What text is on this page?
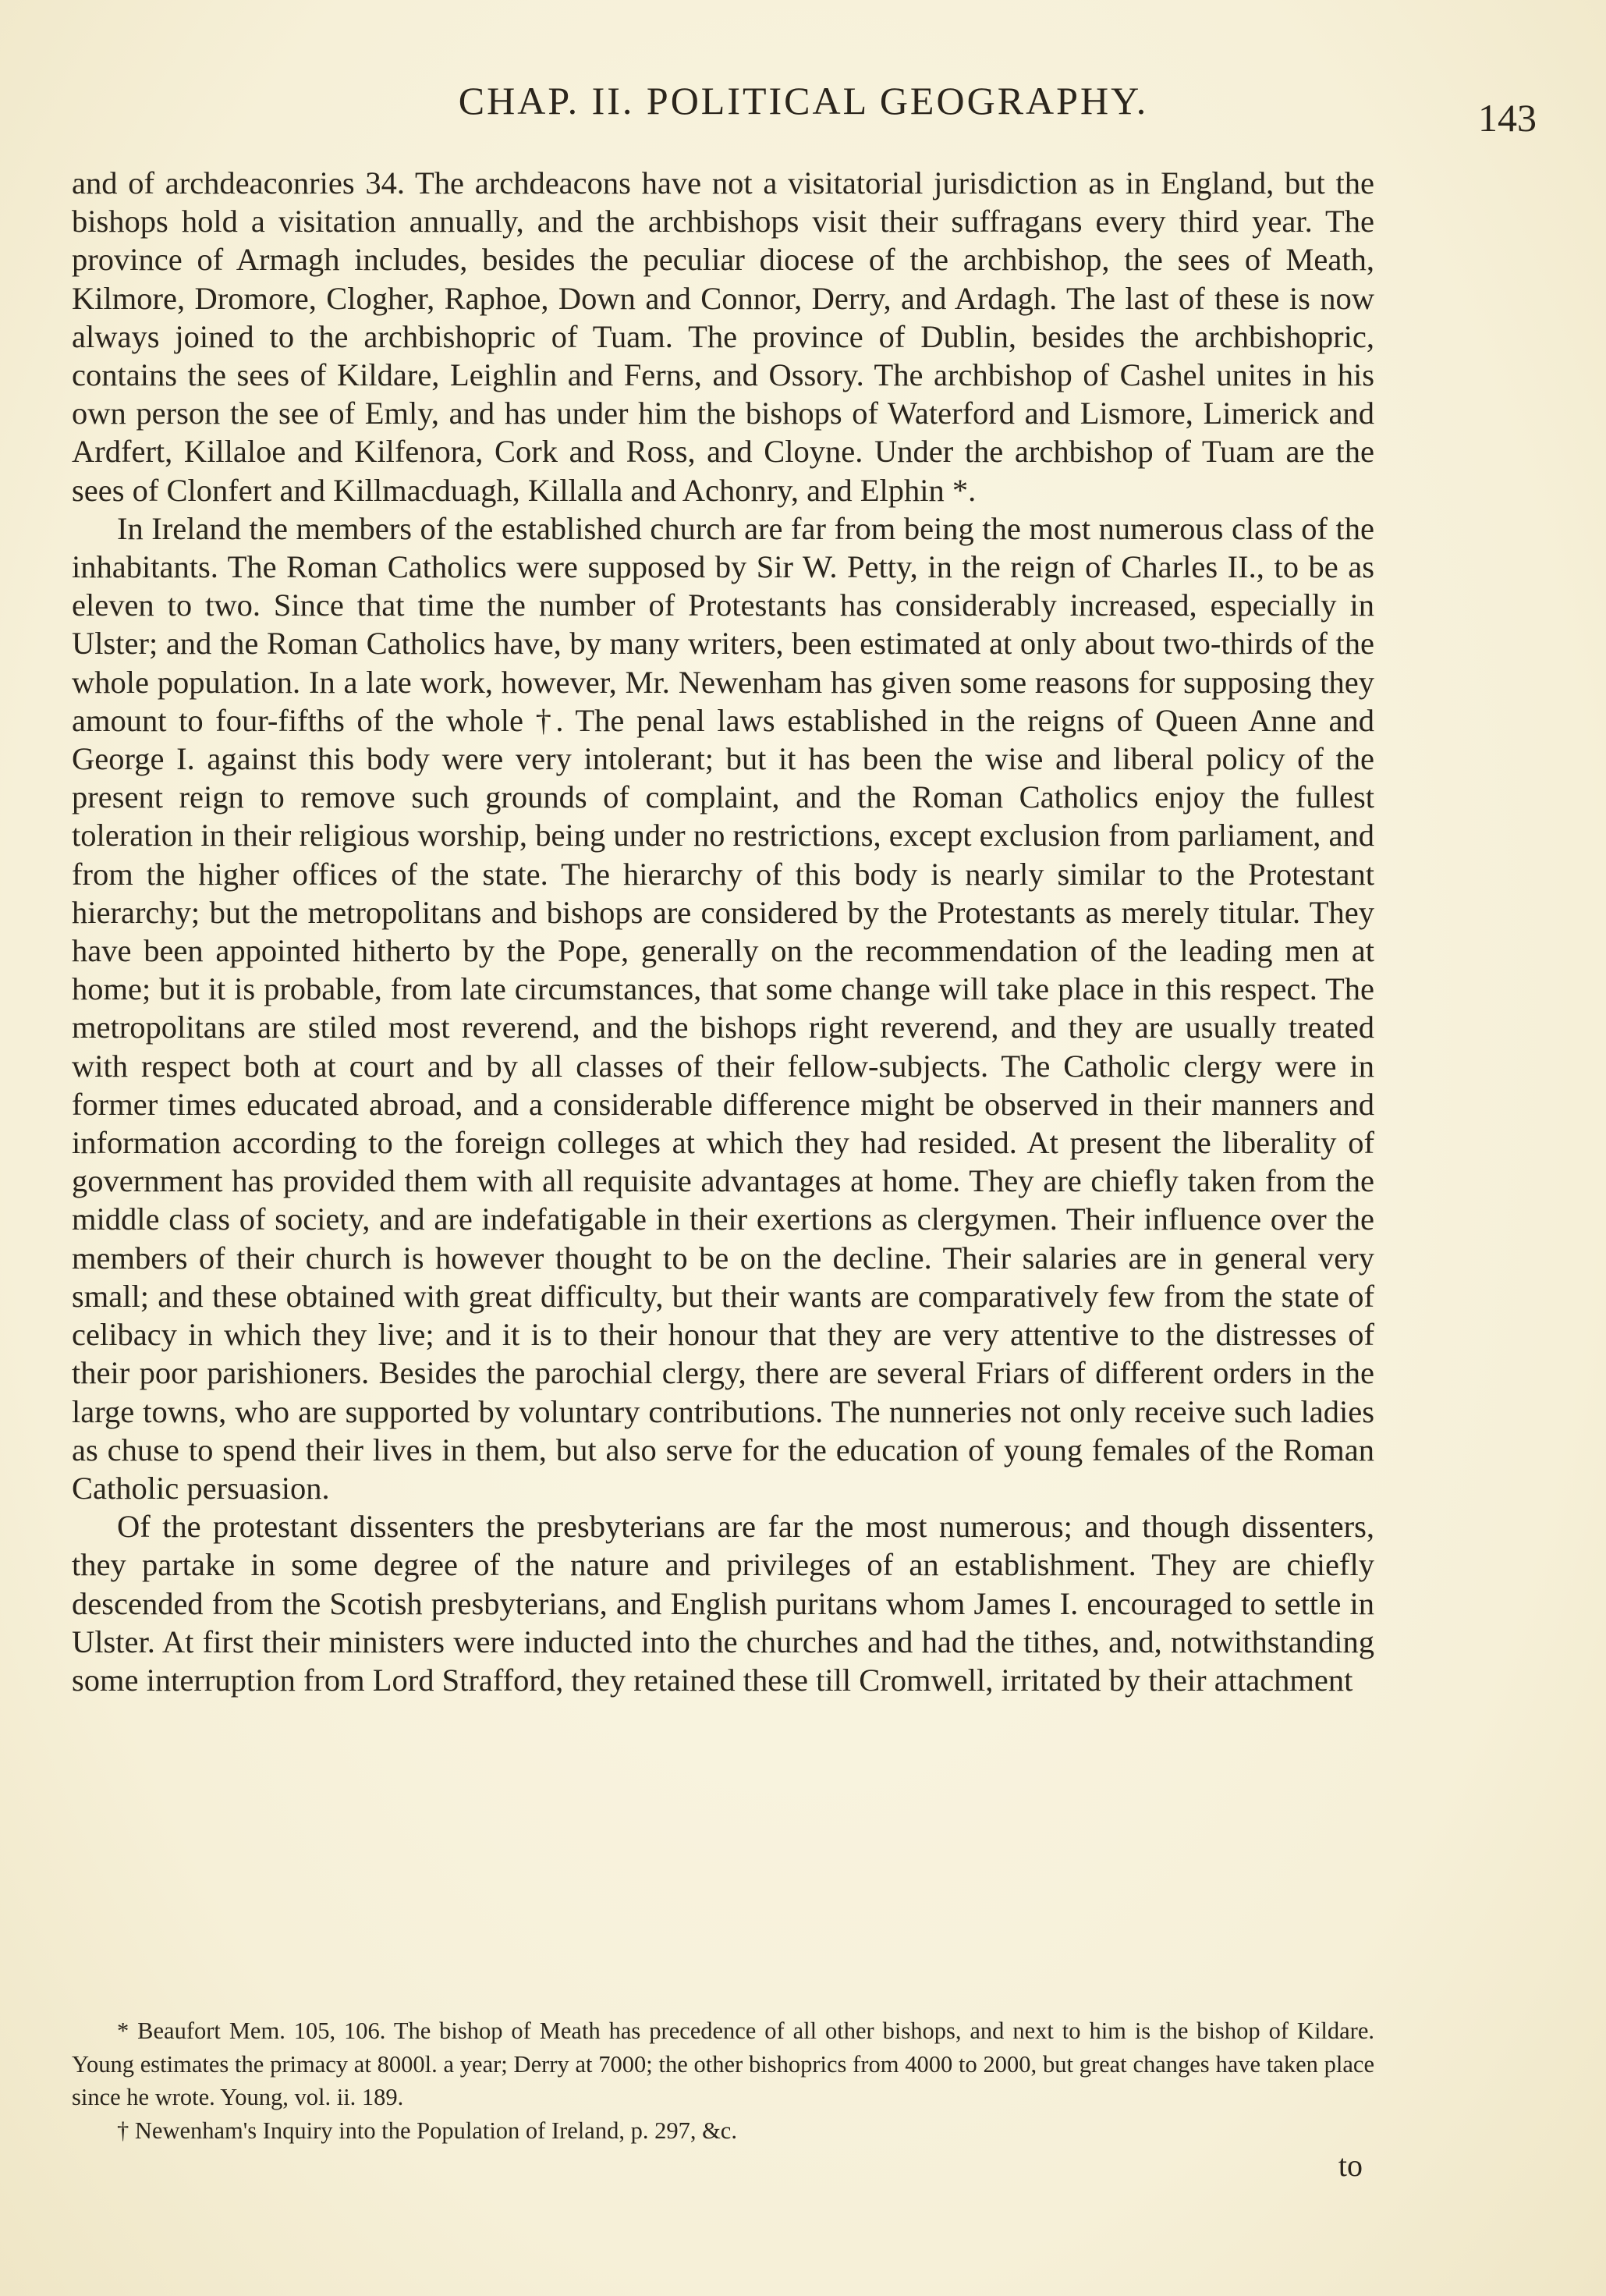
CHAP. II. POLITICAL GEOGRAPHY.	143

and of archdeaconries 34. The archdeacons have not a visitatorial jurisdiction as in England, but the bishops hold a visitation annually, and the archbishops visit their suffragans every third year. The province of Armagh includes, besides the peculiar diocese of the archbishop, the sees of Meath, Kilmore, Dromore, Clogher, Raphoe, Down and Connor, Derry, and Ardagh. The last of these is now always joined to the archbishopric of Tuam. The province of Dublin, besides the archbishopric, contains the sees of Kildare, Leighlin and Ferns, and Ossory. The archbishop of Cashel unites in his own person the see of Emly, and has under him the bishops of Waterford and Lismore, Limerick and Ardfert, Killaloe and Kilfenora, Cork and Ross, and Cloyne. Under the archbishop of Tuam are the sees of Clonfert and Killmacduagh, Killalla and Achonry, and Elphin *.

In Ireland the members of the established church are far from being the most numerous class of the inhabitants. The Roman Catholics were supposed by Sir W. Petty, in the reign of Charles II., to be as eleven to two. Since that time the number of Protestants has considerably increased, especially in Ulster; and the Roman Catholics have, by many writers, been estimated at only about two-thirds of the whole population. In a late work, however, Mr. Newenham has given some reasons for supposing they amount to four-fifths of the whole †. The penal laws established in the reigns of Queen Anne and George I. against this body were very intolerant; but it has been the wise and liberal policy of the present reign to remove such grounds of complaint, and the Roman Catholics enjoy the fullest toleration in their religious worship, being under no restrictions, except exclusion from parliament, and from the higher offices of the state. The hierarchy of this body is nearly similar to the Protestant hierarchy; but the metropolitans and bishops are considered by the Protestants as merely titular. They have been appointed hitherto by the Pope, generally on the recommendation of the leading men at home; but it is probable, from late circumstances, that some change will take place in this respect. The metropolitans are stiled most reverend, and the bishops right reverend, and they are usually treated with respect both at court and by all classes of their fellow-subjects. The Catholic clergy were in former times educated abroad, and a considerable difference might be observed in their manners and information according to the foreign colleges at which they had resided. At present the liberality of government has provided them with all requisite advantages at home. They are chiefly taken from the middle class of society, and are indefatigable in their exertions as clergymen. Their influence over the members of their church is however thought to be on the decline. Their salaries are in general very small; and these obtained with great difficulty, but their wants are comparatively few from the state of celibacy in which they live; and it is to their honour that they are very attentive to the distresses of their poor parishioners. Besides the parochial clergy, there are several Friars of different orders in the large towns, who are supported by voluntary contributions. The nunneries not only receive such ladies as chuse to spend their lives in them, but also serve for the education of young females of the Roman Catholic persuasion.

Of the protestant dissenters the presbyterians are far the most numerous; and though dissenters, they partake in some degree of the nature and privileges of an establishment. They are chiefly descended from the Scotish presbyterians, and English puritans whom James I. encouraged to settle in Ulster. At first their ministers were inducted into the churches and had the tithes, and, notwithstanding some interruption from Lord Strafford, they retained these till Cromwell, irritated by their attachment

* Beaufort Mem. 105, 106. The bishop of Meath has precedence of all other bishops, and next to him is the bishop of Kildare. Young estimates the primacy at 8000l. a year; Derry at 7000; the other bishoprics from 4000 to 2000, but great changes have taken place since he wrote. Young, vol. ii. 189.

† Newenham's Inquiry into the Population of Ireland, p. 297, &c.

to
